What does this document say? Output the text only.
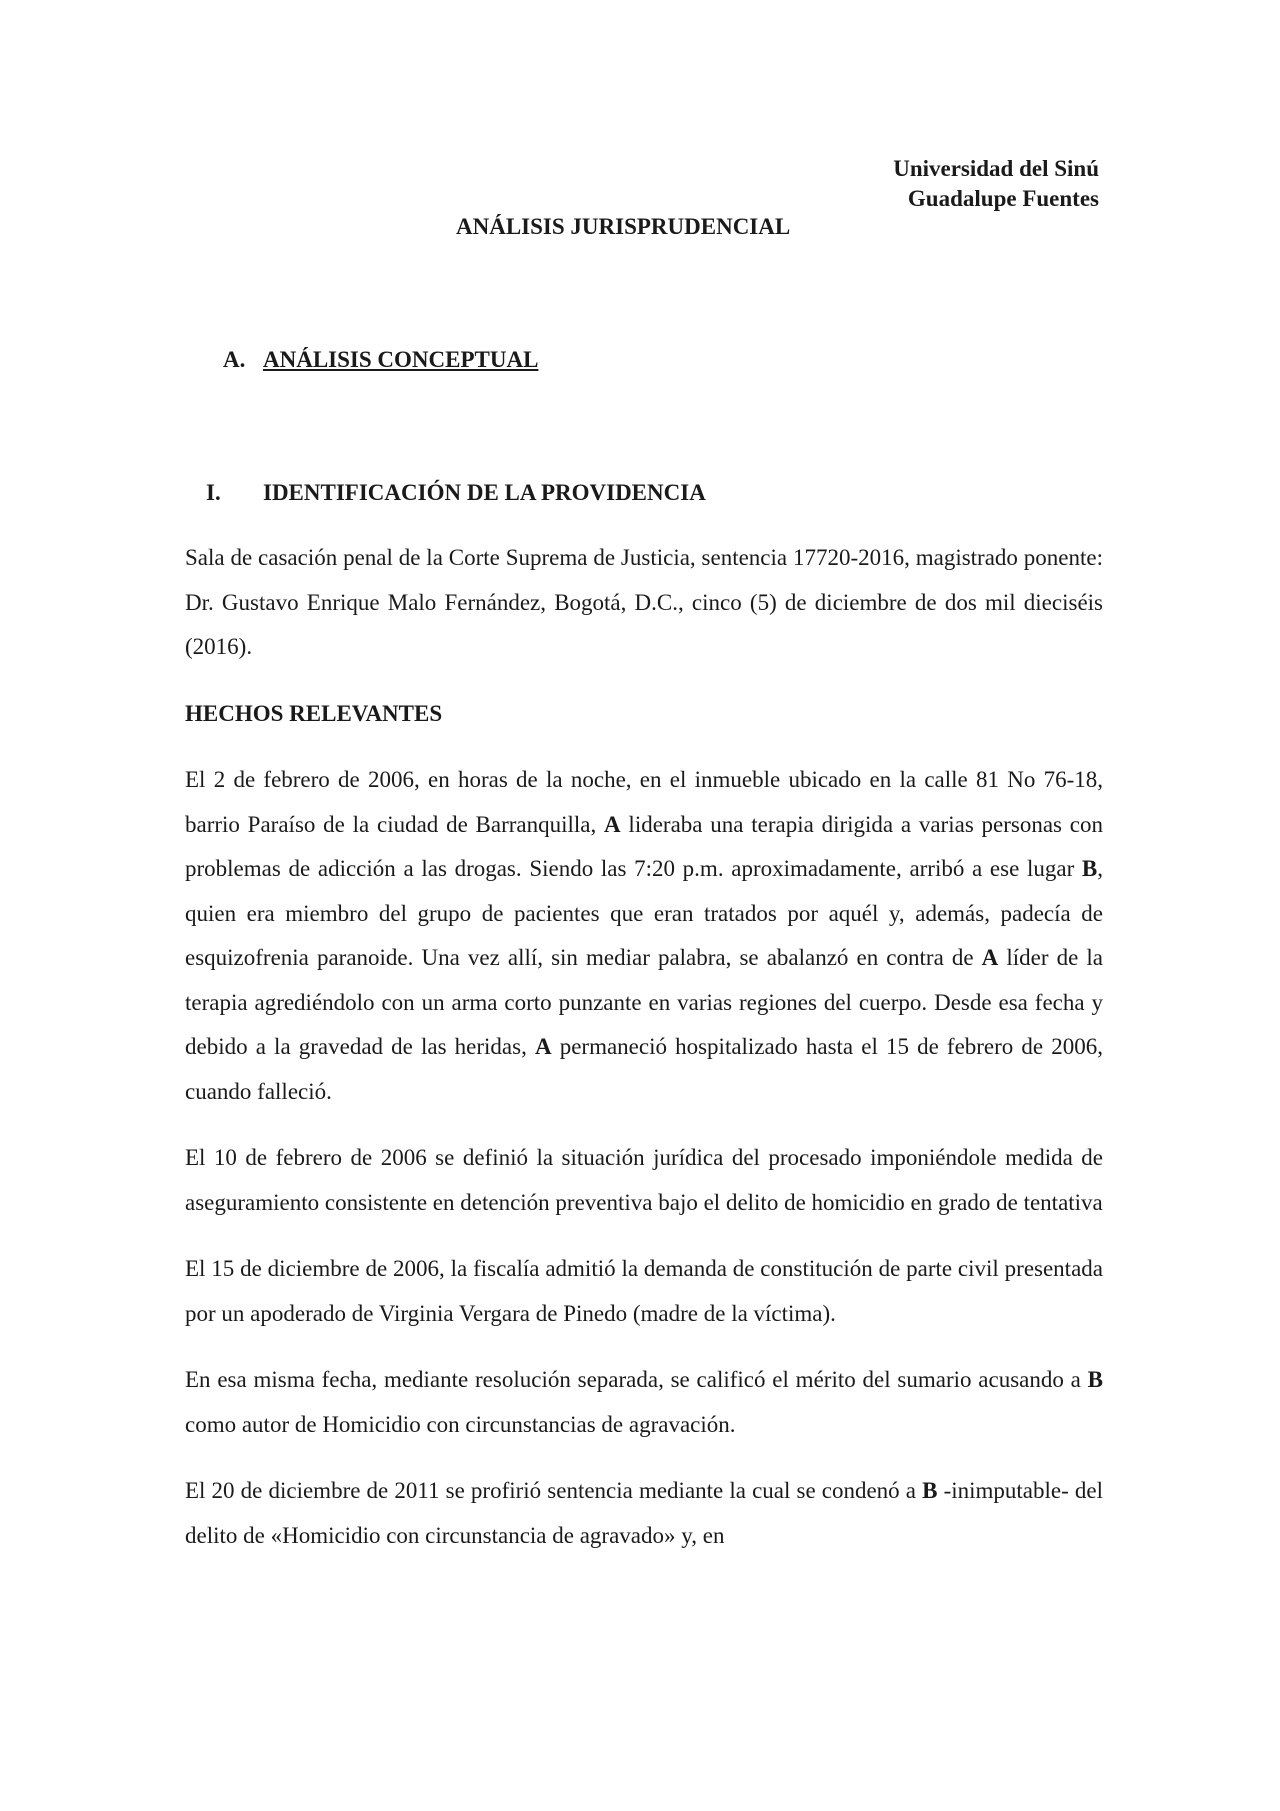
Universidad del Sinú
Guadalupe Fuentes
ANÁLISIS JURISPRUDENCIAL
A. ANÁLISIS CONCEPTUAL
I. IDENTIFICACIÓN DE LA PROVIDENCIA

Sala de casación penal de la Corte Suprema de Justicia, sentencia 17720-2016, magistrado ponente: Dr. Gustavo Enrique Malo Fernández, Bogotá, D.C., cinco (5) de diciembre de dos mil dieciséis (2016).

HECHOS RELEVANTES

El 2 de febrero de 2006, en horas de la noche, en el inmueble ubicado en la calle 81 No 76-18, barrio Paraíso de la ciudad de Barranquilla, A lideraba una terapia dirigida a varias personas con problemas de adicción a las drogas. Siendo las 7:20 p.m. aproximadamente, arribó a ese lugar B, quien era miembro del grupo de pacientes que eran tratados por aquél y, además, padecía de esquizofrenia paranoide. Una vez allí, sin mediar palabra, se abalanzó en contra de A líder de la terapia agrediéndolo con un arma corto punzante en varias regiones del cuerpo. Desde esa fecha y debido a la gravedad de las heridas, A permaneció hospitalizado hasta el 15 de febrero de 2006, cuando falleció.

El 10 de febrero de 2006 se definió la situación jurídica del procesado imponiéndole medida de aseguramiento consistente en detención preventiva bajo el delito de homicidio en grado de tentativa

El 15 de diciembre de 2006, la fiscalía admitió la demanda de constitución de parte civil presentada por un apoderado de Virginia Vergara de Pinedo (madre de la víctima).

En esa misma fecha, mediante resolución separada, se calificó el mérito del sumario acusando a B como autor de Homicidio con circunstancias de agravación.

El 20 de diciembre de 2011 se profirió sentencia mediante la cual se condenó a B -inimputable- del delito de «Homicidio con circunstancia de agravado» y, en
